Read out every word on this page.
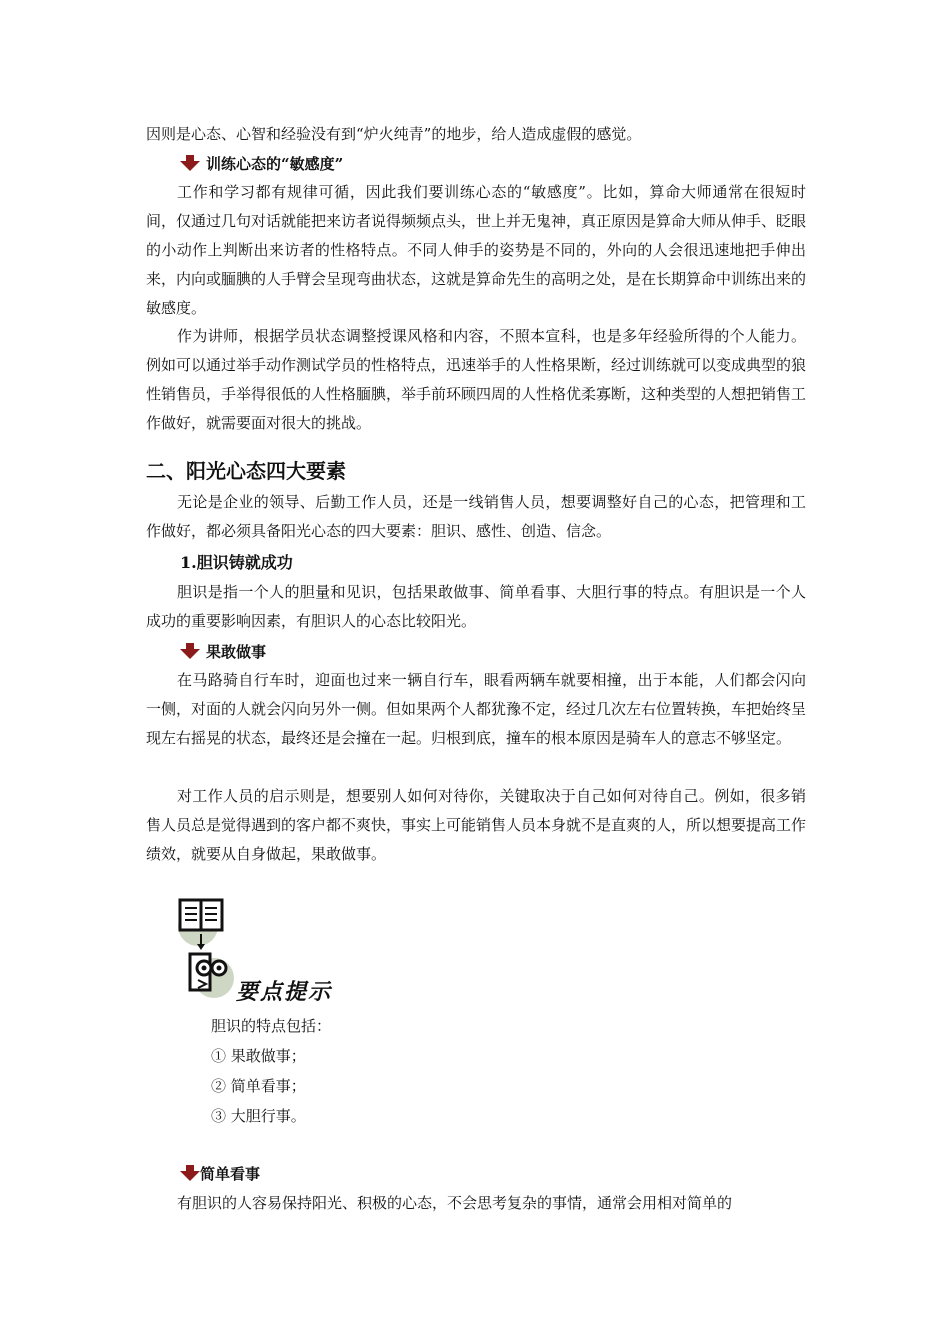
因则是心态、心智和经验没有到“炉火纯青”的地步，给人造成虚假的感觉。

训练心态的“敏感度”

工作和学习都有规律可循，因此我们要训练心态的“敏感度”。比如，算命大师通常在很短时间，仅通过几句对话就能把来访者说得频频点头，世上并无鬼神，真正原因是算命大师从伸手、眨眼的小动作上判断出来访者的性格特点。不同人伸手的姿势是不同的，外向的人会很迅速地把手伸出来，内向或腼腆的人手臂会呈现弯曲状态，这就是算命先生的高明之处，是在长期算命中训练出来的敏感度。

作为讲师，根据学员状态调整授课风格和内容，不照本宣科，也是多年经验所得的个人能力。例如可以通过举手动作测试学员的性格特点，迅速举手的人性格果断，经过训练就可以变成典型的狼性销售员，手举得很低的人性格腼腆，举手前环顾四周的人性格优柔寡断，这种类型的人想把销售工作做好，就需要面对很大的挑战。

二、阳光心态四大要素

无论是企业的领导、后勤工作人员，还是一线销售人员，想要调整好自己的心态，把管理和工作做好，都必须具备阳光心态的四大要素：胆识、感性、创造、信念。

1.胆识铸就成功

胆识是指一个人的胆量和见识，包括果敢做事、简单看事、大胆行事的特点。有胆识是一个人成功的重要影响因素，有胆识人的心态比较阳光。

果敢做事

在马路骑自行车时，迎面也过来一辆自行车，眼看两辆车就要相撞，出于本能，人们都会闪向一侧，对面的人就会闪向另外一侧。但如果两个人都犹豫不定，经过几次左右位置转换，车把始终呈现左右摇晃的状态，最终还是会撞在一起。归根到底，撞车的根本原因是骑车人的意志不够坚定。

对工作人员的启示则是，想要别人如何对待你，关键取决于自己如何对待自己。例如，很多销售人员总是觉得遇到的客户都不爽快，事实上可能销售人员本身就不是直爽的人，所以想要提高工作绩效，就要从自身做起，果敢做事。

要点提示
胆识的特点包括：
① 果敢做事；
② 简单看事；
③ 大胆行事。
简单看事

有胆识的人容易保持阳光、积极的心态，不会思考复杂的事情，通常会用相对简单的
